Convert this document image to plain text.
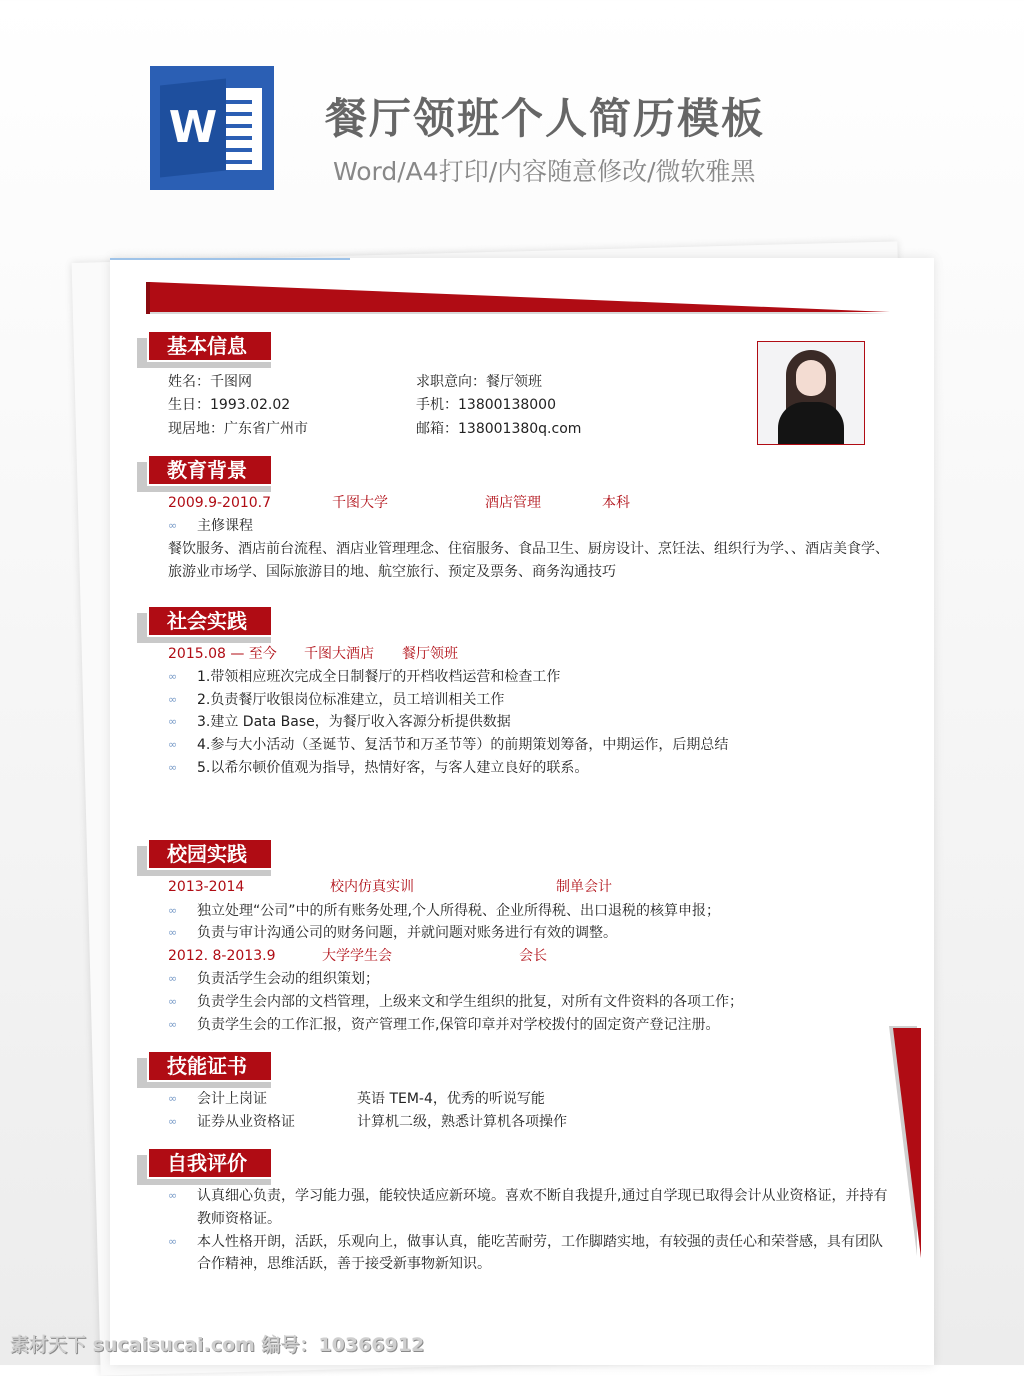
W	餐厅领班个人简历模板
Word/A4打印/内容随意修改/微软雅黑
基本信息
姓名：千图网
生日：1993.02.02
现居地：广东省广州市
求职意向：餐厅领班
手机：13800138000
邮箱：138001380q.com
教育背景
2009.9-2010.7	千图大学	酒店管理	本科
∞ 主修课程
餐饮服务、酒店前台流程、酒店业管理理念、住宿服务、食品卫生、厨房设计、烹饪法、组织行为学、、酒店美食学、
旅游业市场学、国际旅游目的地、航空旅行、预定及票务、商务沟通技巧
社会实践
2015.08 — 至今 千图大酒店 餐厅领班
∞ 1.带领相应班次完成全日制餐厅的开档收档运营和检查工作
∞ 2.负责餐厅收银岗位标准建立，员工培训相关工作
∞ 3.建立 Data Base，为餐厅收入客源分析提供数据
∞ 4.参与大小活动（圣诞节、复活节和万圣节等）的前期策划筹备，中期运作，后期总结
∞ 5.以希尔顿价值观为指导，热情好客，与客人建立良好的联系。
校园实践
2013-2014	校内仿真实训	制单会计
∞ 独立处理“公司”中的所有账务处理,个人所得税、企业所得税、出口退税的核算申报；
∞ 负责与审计沟通公司的财务问题，并就问题对账务进行有效的调整。
2012. 8-2013.9	大学学生会	会长
∞ 负责活学生会动的组织策划；
∞ 负责学生会内部的文档管理，上级来文和学生组织的批复，对所有文件资料的各项工作；
∞ 负责学生会的工作汇报，资产管理工作,保管印章并对学校拨付的固定资产登记注册。
技能证书
∞ 会计上岗证	英语 TEM-4，优秀的听说写能
∞ 证券从业资格证	计算机二级，熟悉计算机各项操作
自我评价
∞ 认真细心负责，学习能力强，能较快适应新环境。喜欢不断自我提升,通过自学现已取得会计从业资格证，并持有
教师资格证。
∞ 本人性格开朗，活跃，乐观向上，做事认真，能吃苦耐劳，工作脚踏实地，有较强的责任心和荣誉感，具有团队
合作精神，思维活跃，善于接受新事物新知识。
素材天下 sucaisucai.com 编号：10366912
